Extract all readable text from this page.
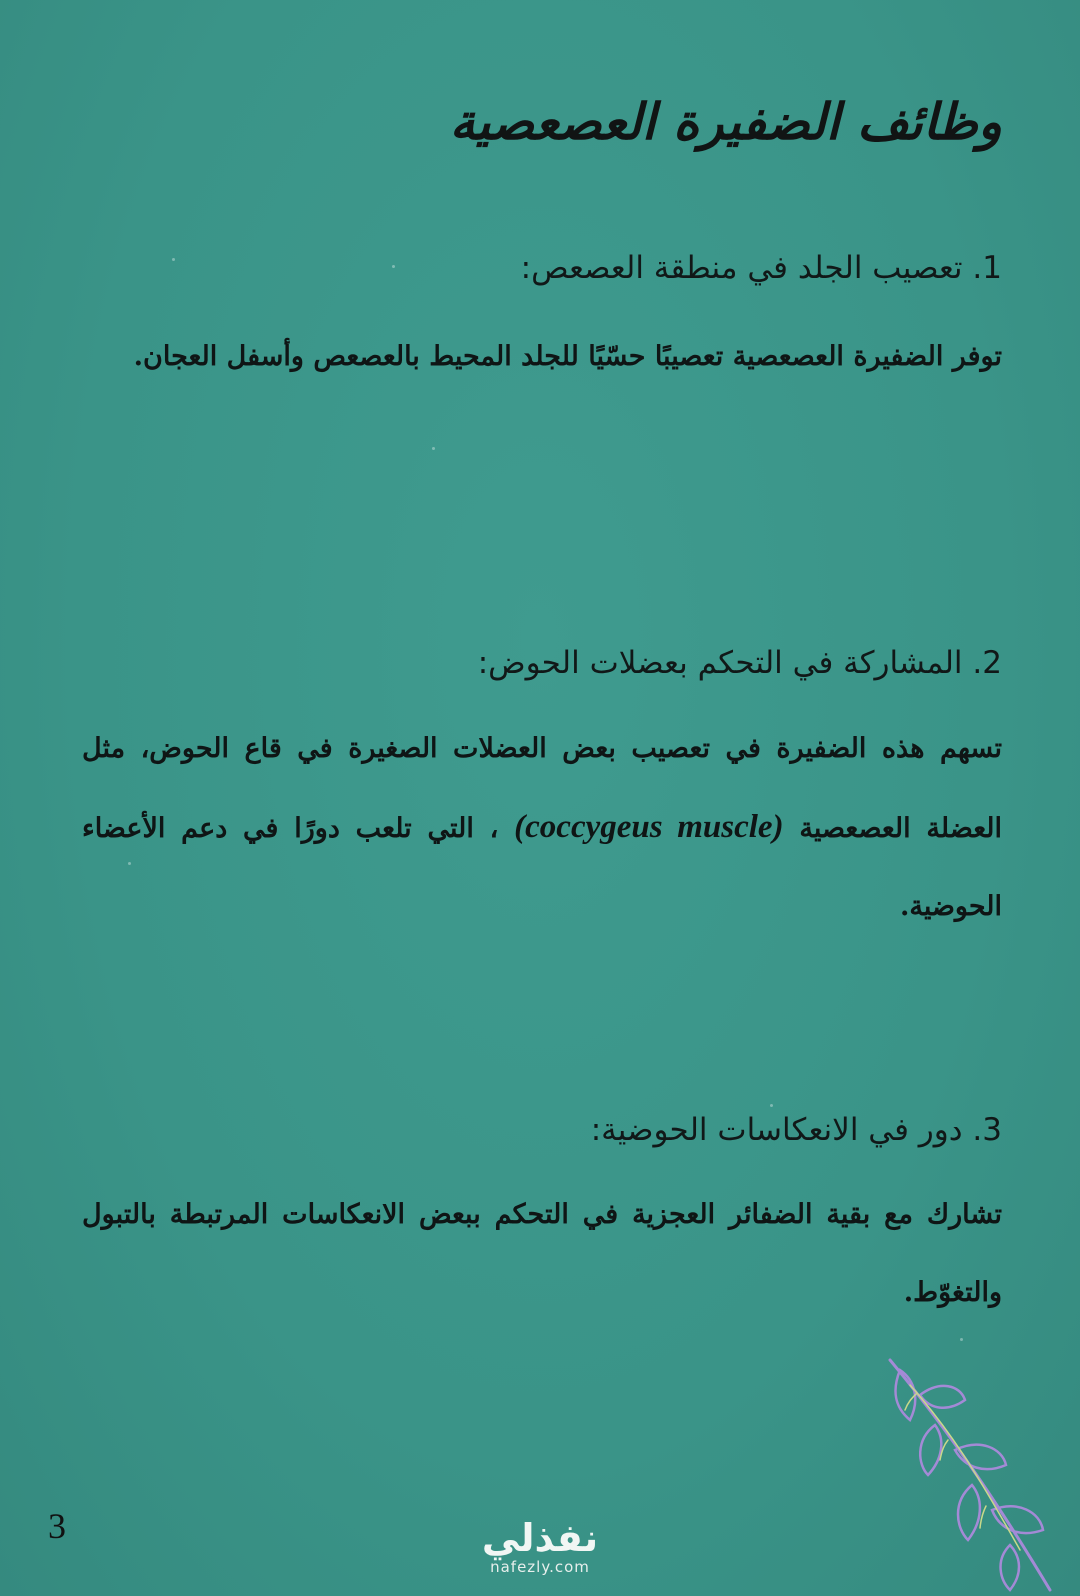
وظائف الضفيرة العصعصية
1. تعصيب الجلد في منطقة العصعص:
توفر الضفيرة العصعصية تعصيبًا حسّيًا للجلد المحيط بالعصعص وأسفل العجان.
2. المشاركة في التحكم بعضلات الحوض:
تسهم هذه الضفيرة في تعصيب بعض العضلات الصغيرة في قاع الحوض، مثل العضلة العصعصية (coccygeus muscle) ، التي تلعب دورًا في دعم الأعضاء الحوضية.
3. دور في الانعكاسات الحوضية:
تشارك مع بقية الضفائر العجزية في التحكم ببعض الانعكاسات المرتبطة بالتبول والتغوّط.
3	نفذلي
nafezly.com
